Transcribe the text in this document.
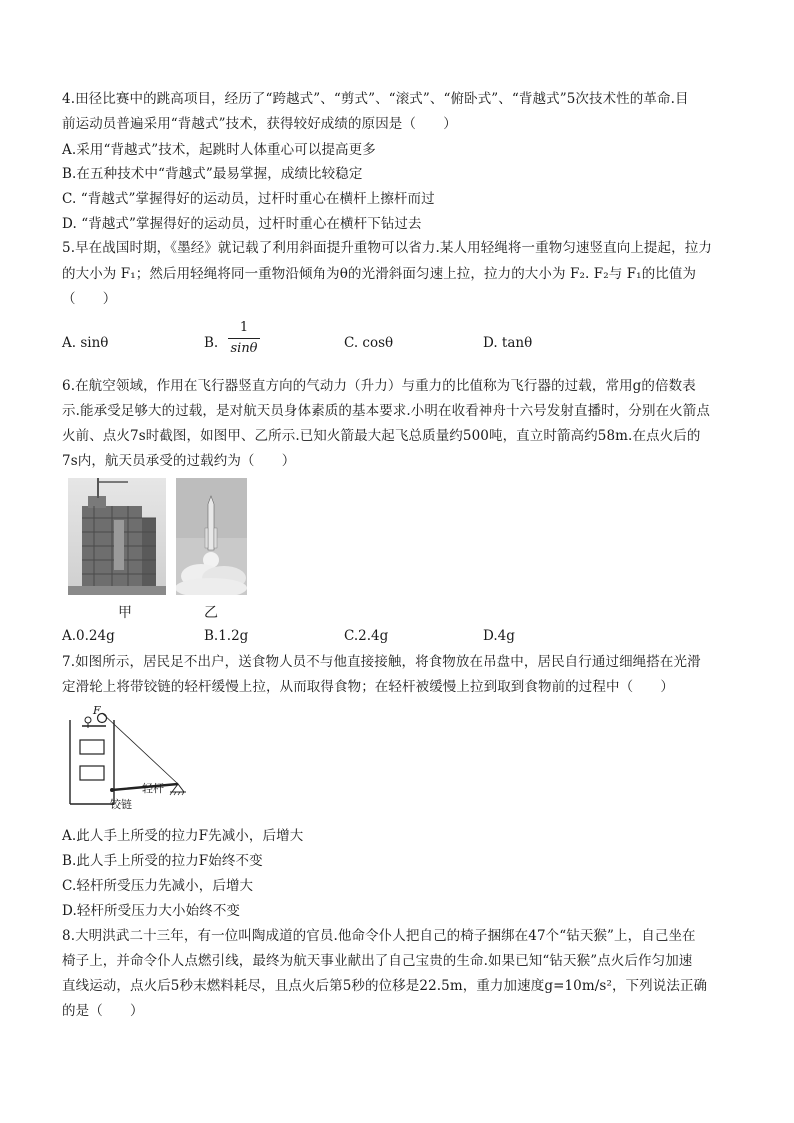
4.田径比赛中的跳高项目，经历了“跨越式”、“剪式”、“滚式”、“俯卧式”、“背越式”5次技术性的革命.目
前运动员普遍采用“背越式”技术，获得较好成绩的原因是（　　）
A.采用“背越式”技术，起跳时人体重心可以提高更多
B.在五种技术中“背越式”最易掌握，成绩比较稳定
C. “背越式”掌握得好的运动员，过杆时重心在横杆上擦杆而过
D. “背越式”掌握得好的运动员，过杆时重心在横杆下钻过去
5.早在战国时期，《墨经》就记载了利用斜面提升重物可以省力.某人用轻绳将一重物匀速竖直向上提起，拉力
的大小为 F₁；然后用轻绳将同一重物沿倾角为θ的光滑斜面匀速上拉，拉力的大小为 F₂. F₂与 F₁的比值为
（　　）
A. sinθ	B.
1
sinθ	C. cosθ	D. tanθ
6.在航空领域，作用在飞行器竖直方向的气动力（升力）与重力的比值称为飞行器的过载，常用g的倍数表
示.能承受足够大的过载，是对航天员身体素质的基本要求.小明在收看神舟十六号发射直播时，分别在火箭点
火前、点火7s时截图，如图甲、乙所示.已知火箭最大起飞总质量约500吨，直立时箭高约58m.在点火后的
7s内，航天员承受的过载约为（　　）
甲	乙
A.0.24g	B.1.2g	C.2.4g	D.4g
7.如图所示，居民足不出户，送食物人员不与他直接接触，将食物放在吊盘中，居民自行通过细绳搭在光滑
定滑轮上将带铰链的轻杆缓慢上拉，从而取得食物；在轻杆被缓慢上拉到取到食物前的过程中（　　）
F
轻杆
铰链
A.此人手上所受的拉力F先减小，后增大
B.此人手上所受的拉力F始终不变
C.轻杆所受压力先减小，后增大
D.轻杆所受压力大小始终不变
8.大明洪武二十三年，有一位叫陶成道的官员.他命令仆人把自己的椅子捆绑在47个“钻天猴”上，自己坐在
椅子上，并命令仆人点燃引线，最终为航天事业献出了自己宝贵的生命.如果已知“钻天猴”点火后作匀加速
直线运动，点火后5秒末燃料耗尽，且点火后第5秒的位移是22.5m，重力加速度g=10m/s²，下列说法正确
的是（　　）
